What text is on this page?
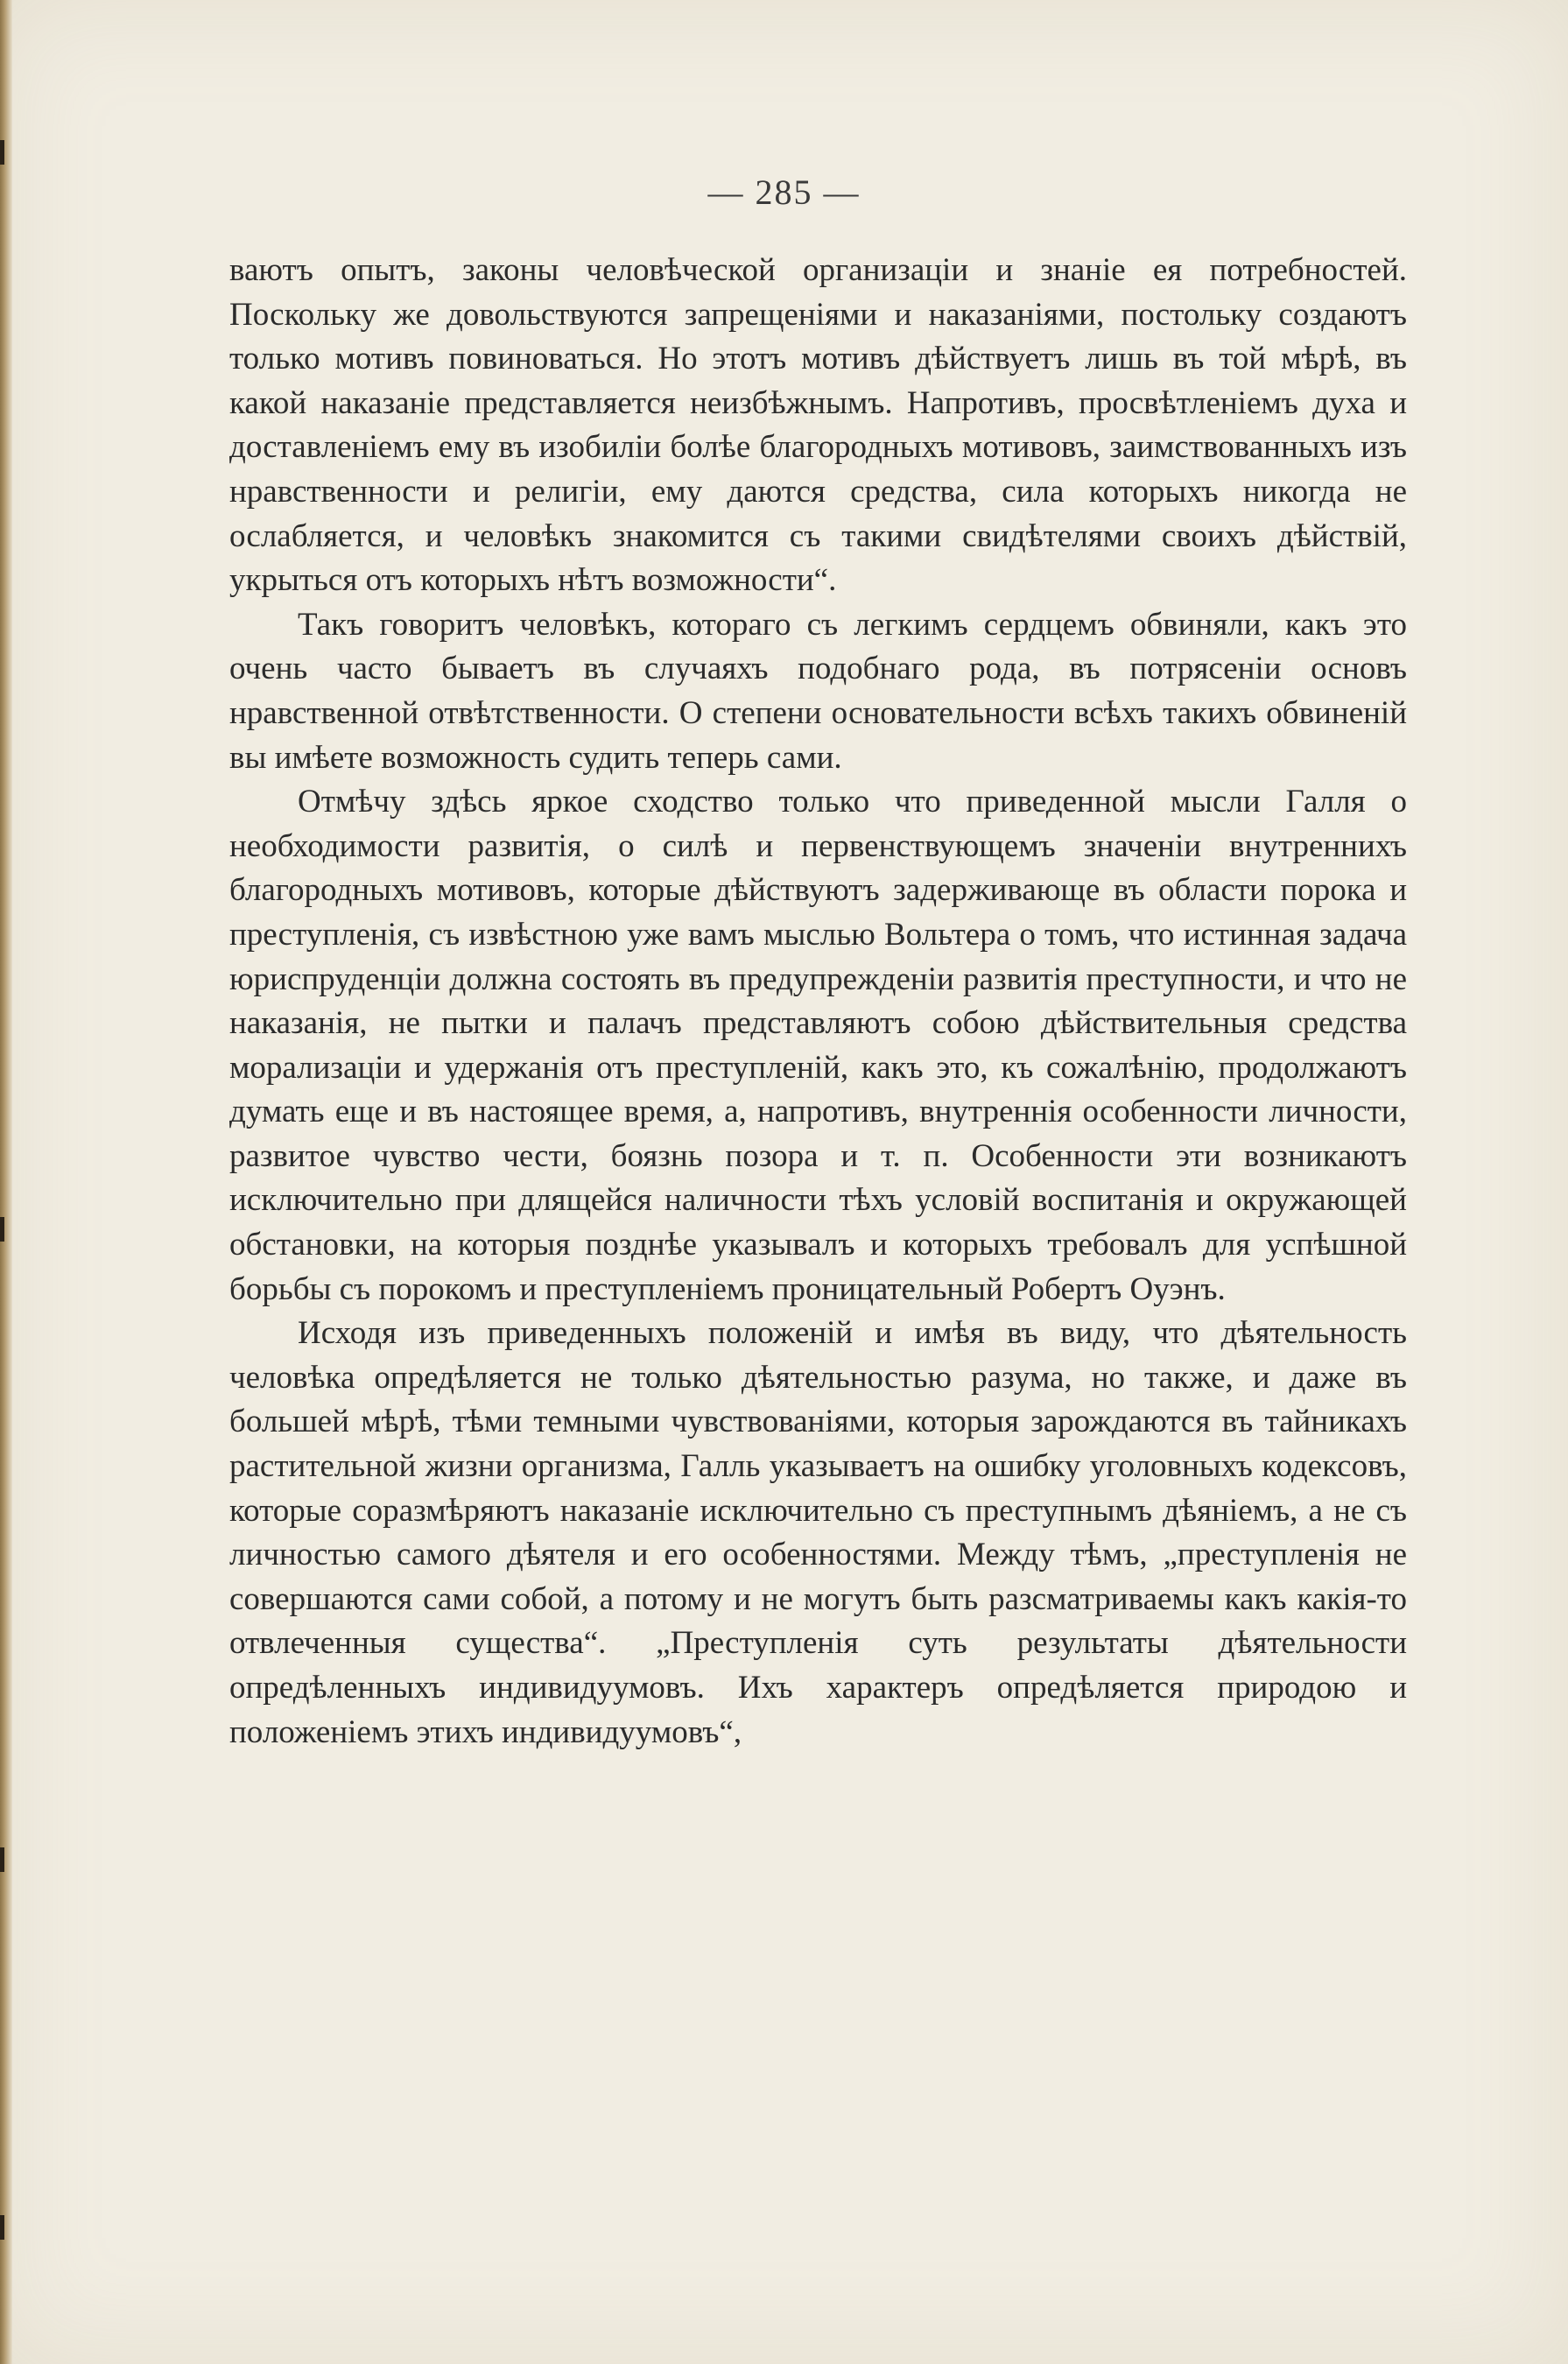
— 285 —

ваютъ опытъ, законы человѣческой организаціи и знаніе ея потребностей. Поскольку же довольствуются запрещеніями и наказаніями, постольку создаютъ только мотивъ повиноваться. Но этотъ мотивъ дѣйствуетъ лишь въ той мѣрѣ, въ какой наказаніе представляется неизбѣжнымъ. Напротивъ, просвѣтленіемъ духа и доставленіемъ ему въ изобиліи болѣе благородныхъ мотивовъ, заимствованныхъ изъ нравственности и религіи, ему даются средства, сила которыхъ никогда не ослабляется, и человѣкъ знакомится съ такими свидѣтелями своихъ дѣйствій, укрыться отъ которыхъ нѣтъ возможности“.

Такъ говоритъ человѣкъ, котораго съ легкимъ сердцемъ обвиняли, какъ это очень часто бываетъ въ случаяхъ подобнаго рода, въ потрясеніи основъ нравственной отвѣтственности. О степени основательности всѣхъ такихъ обвиненій вы имѣете возможность судить теперь сами.

Отмѣчу здѣсь яркое сходство только что приведенной мысли Галля о необходимости развитія, о силѣ и первенствующемъ значеніи внутреннихъ благородныхъ мотивовъ, которые дѣйствуютъ задерживающе въ области порока и преступленія, съ извѣстною уже вамъ мыслью Вольтера о томъ, что истинная задача юриспруденціи должна состоять въ предупрежденіи развитія преступности, и что не наказанія, не пытки и палачъ представляютъ собою дѣйствительныя средства морализаціи и удержанія отъ преступленій, какъ это, къ сожалѣнію, продолжаютъ думать еще и въ настоящее время, а, напротивъ, внутреннія особенности личности, развитое чувство чести, боязнь позора и т. п. Особенности эти возникаютъ исключительно при длящейся наличности тѣхъ условій воспитанія и окружающей обстановки, на которыя позднѣе указывалъ и которыхъ требовалъ для успѣшной борьбы съ порокомъ и преступленіемъ проницательный Робертъ Оуэнъ.

Исходя изъ приведенныхъ положеній и имѣя въ виду, что дѣятельность человѣка опредѣляется не только дѣятельностью разума, но также, и даже въ большей мѣрѣ, тѣми темными чувствованіями, которыя зарождаются въ тайникахъ растительной жизни организма, Галль указываетъ на ошибку уголовныхъ кодексовъ, которые соразмѣряютъ наказаніе исключительно съ преступнымъ дѣяніемъ, а не съ личностью самого дѣятеля и его особенностями. Между тѣмъ, „преступленія не совершаются сами собой, а потому и не могутъ быть разсматриваемы какъ какія-то отвлеченныя существа“. „Преступленія суть результаты дѣятельности опредѣленныхъ индивидуумовъ. Ихъ характеръ опредѣляется природою и положеніемъ этихъ индивидуумовъ“,
